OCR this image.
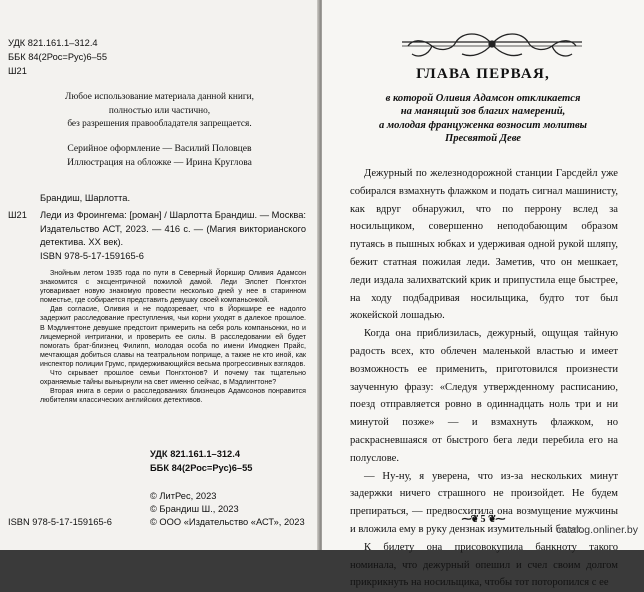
УДК 821.161.1–312.4
ББК 84(2Рос=Рус)6–55
Ш21
Любое использование материала данной книги,
полностью или частично,
без разрешения правообладателя запрещается.
Серийное оформление — Василий Половцев
Иллюстрация на обложке — Ирина Круглова
Брандиш, Шарлотта.
Ш21 Леди из Фроингема: [роман] / Шарлотта Брандиш. — Москва: Издательство АСТ, 2023. — 416 с. — (Магия викторианского детектива. XX век).
ISBN 978-5-17-159165-6
Знойным летом 1935 года по пути в Северный Йоркшир Оливия Адамсон знакомится с эксцентричной пожилой дамой. Леди Элспет Понгхтон уговаривает новую знакомую провести несколько дней у нее в старинном поместье, где собирается представить девушку своей компаньонкой.
Дав согласие, Оливия и не подозревает, что в Йоркшире ее надолго задержит расследование преступления, чьи корни уходят в далекое прошлое. В Мэдлингтоне девушке предстоит примерить на себя роль компаньонки, но и лицемерной интриганки, и проверить ее силы. В расследовании ей будет помогать брат-близнец Филипп, молодая особа по имени Имоджен Прайс, мечтающая добиться славы на театральном поприще, а также не кто иной, как инспектор полиции Грумс, придерживающийся весьма прогрессивных взглядов.
Что скрывает прошлое семьи Понгхтонов? И почему так тщательно охраняемые тайны вынырнули на свет именно сейчас, в Мэдлингтоне?
Вторая книга в серии о расследованиях близнецов Адамсонов понравится любителям классических английских детективов.
УДК 821.161.1–312.4
ББК 84(2Рос=Рус)6–55
© ЛитРес, 2023
© Брандиш Ш., 2023
© ООО «Издательство «АСТ», 2023
ISBN 978-5-17-159165-6
ГЛАВА ПЕРВАЯ,
в которой Оливия Адамсон откликается
на манящий зов благих намерений,
а молодая француженка возносит молитвы
Пресвятой Деве

Дежурный по железнодорожной станции Гарсдейл уже собирался взмахнуть флажком и подать сигнал машинисту, как вдруг обнаружил, что по перрону вслед за носильщиком, совершенно неподобающим образом путаясь в пышных юбках и удерживая одной рукой шляпу, бежит статная пожилая леди. Заметив, что он мешкает, леди издала залихватский крик и припустила еще быстрее, на ходу подбадривая носильщика, будто тот был жокейской лошадью.

Когда она приблизилась, дежурный, ощущая тайную радость всех, кто облечен маленькой властью и имеет возможность ее применить, приготовился произнести заученную фразу: «Следуя утвержденному расписанию, поезд отправляется ровно в одиннадцать ноль три и ни минутой позже» — и взмахнуть флажком, но раскрасневшаяся от быстрого бега леди перебила его на полуслове.

— Ну-ну, я уверена, что из-за нескольких минут задержки ничего страшного не произойдет. Не будем препираться, — предвосхитила она возмущение мужчины и вложила ему в руку дензнак изумительный билет.

К билету она присовокупила банкноту такого номинала, что дежурный опешил и счел своим долгом прикрикнуть на носильщика, чтобы тот поторопился с ее

⁓❦ 5 ❦⁓
catalog.onliner.by
